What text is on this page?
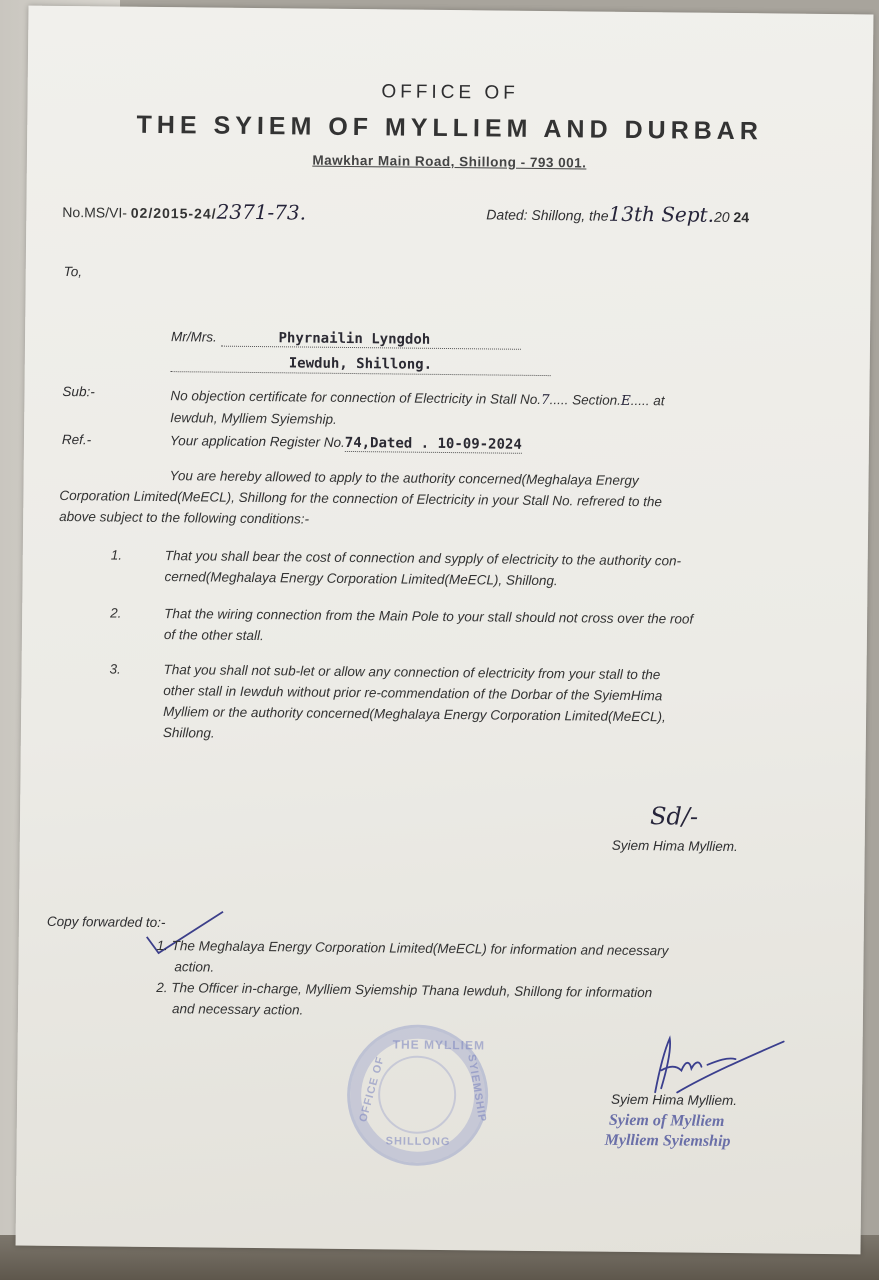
OFFICE OF
THE SYIEM OF MYLLIEM AND DURBAR
Mawkhar Main Road, Shillong - 793 001.
No.MS/VI- 02/2015-24/2371-73.	Dated: Shillong, the13th Sept.20 24
To,
Mr/Mrs.	Phyrnailin Lyngdoh
Iewduh, Shillong.
Sub:-	No objection certificate for connection of Electricity in Stall No.7..... Section.E..... at
Iewduh, Mylliem Syiemship.
Ref.-	Your application Register No.74,Dated . 10-09-2024
You are hereby allowed to apply to the authority concerned(Meghalaya Energy
Corporation Limited(MeECL), Shillong for the connection of Electricity in your Stall No. refrered to the
above subject to the following conditions:-
1.	That you shall bear the cost of connection and sypply of electricity to the authority con-
cerned(Meghalaya Energy Corporation Limited(MeECL), Shillong.
2.	That the wiring connection from the Main Pole to your stall should not cross over the roof
of the other stall.
3.	That you shall not sub-let or allow any connection of electricity from your stall to the
other stall in Iewduh without prior re-commendation of the Dorbar of the SyiemHima
Mylliem or the authority concerned(Meghalaya Energy Corporation Limited(MeECL),
Shillong.
Sd/-
Syiem Hima Mylliem.
Copy forwarded to:-
1. The Meghalaya Energy Corporation Limited(MeECL) for information and necessary
action.
2. The Officer in-charge, Mylliem Syiemship Thana Iewduh, Shillong for information
and necessary action.
THE MYLLIEM
OFFICE OF	SYIEMSHIP
SHILLONG
Syiem Hima Mylliem.
Syiem of Mylliem
Mylliem Syiemship
